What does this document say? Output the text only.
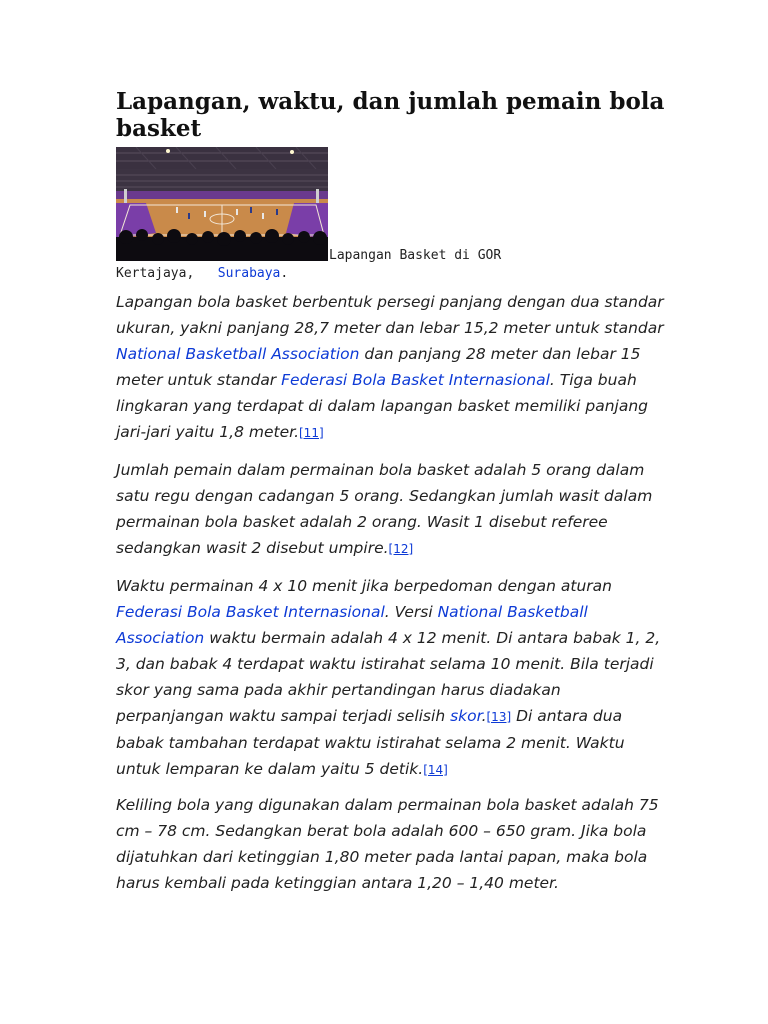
Lapangan, waktu, dan jumlah pemain bola basket
Lapangan Basket di GOR
Kertajaya, Surabaya.

Lapangan bola basket berbentuk persegi panjang dengan dua standar ukuran, yakni panjang 28,7 meter dan lebar 15,2 meter untuk standar National Basketball Association dan panjang 28 meter dan lebar 15 meter untuk standar Federasi Bola Basket Internasional. Tiga buah lingkaran yang terdapat di dalam lapangan basket memiliki panjang jari-jari yaitu 1,8 meter.[11]

Jumlah pemain dalam permainan bola basket adalah 5 orang dalam satu regu dengan cadangan 5 orang. Sedangkan jumlah wasit dalam permainan bola basket adalah 2 orang. Wasit 1 disebut referee sedangkan wasit 2 disebut umpire.[12]

Waktu permainan 4 x 10 menit jika berpedoman dengan aturan Federasi Bola Basket Internasional. Versi National Basketball Association waktu bermain adalah 4 x 12 menit. Di antara babak 1, 2, 3, dan babak 4 terdapat waktu istirahat selama 10 menit. Bila terjadi skor yang sama pada akhir pertandingan harus diadakan perpanjangan waktu sampai terjadi selisih skor.[13] Di antara dua babak tambahan terdapat waktu istirahat selama 2 menit. Waktu untuk lemparan ke dalam yaitu 5 detik.[14]

Keliling bola yang digunakan dalam permainan bola basket adalah 75 cm – 78 cm. Sedangkan berat bola adalah 600 – 650 gram. Jika bola dijatuhkan dari ketinggian 1,80 meter pada lantai papan, maka bola harus kembali pada ketinggian antara 1,20 – 1,40 meter.
